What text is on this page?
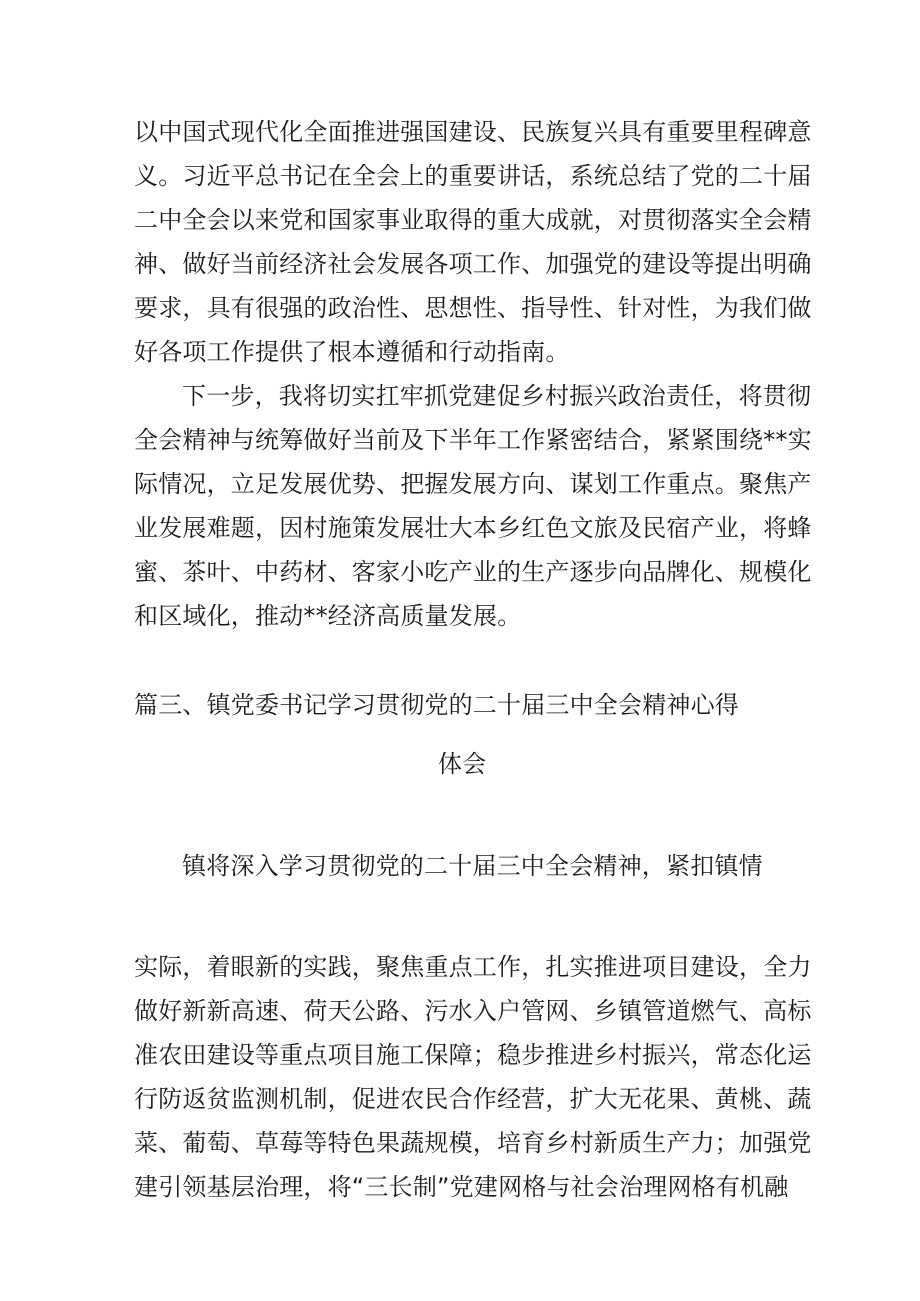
以中国式现代化全面推进强国建设、民族复兴具有重要里程碑意
义。习近平总书记在全会上的重要讲话，系统总结了党的二十届
二中全会以来党和国家事业取得的重大成就，对贯彻落实全会精
神、做好当前经济社会发展各项工作、加强党的建设等提出明确
要求，具有很强的政治性、思想性、指导性、针对性，为我们做
好各项工作提供了根本遵循和行动指南。
下一步，我将切实扛牢抓党建促乡村振兴政治责任，将贯彻
全会精神与统筹做好当前及下半年工作紧密结合，紧紧围绕**实
际情况，立足发展优势、把握发展方向、谋划工作重点。聚焦产
业发展难题，因村施策发展壮大本乡红色文旅及民宿产业，将蜂
蜜、茶叶、中药材、客家小吃产业的生产逐步向品牌化、规模化
和区域化，推动**经济高质量发展。
篇三、镇党委书记学习贯彻党的二十届三中全会精神心得
体会
镇将深入学习贯彻党的二十届三中全会精神，紧扣镇情
实际，着眼新的实践，聚焦重点工作，扎实推进项目建设，全力
做好新新高速、荷天公路、污水入户管网、乡镇管道燃气、高标
准农田建设等重点项目施工保障；稳步推进乡村振兴，常态化运
行防返贫监测机制，促进农民合作经营，扩大无花果、黄桃、蔬
菜、葡萄、草莓等特色果蔬规模，培育乡村新质生产力；加强党
建引领基层治理，将“三长制”党建网格与社会治理网格有机融
